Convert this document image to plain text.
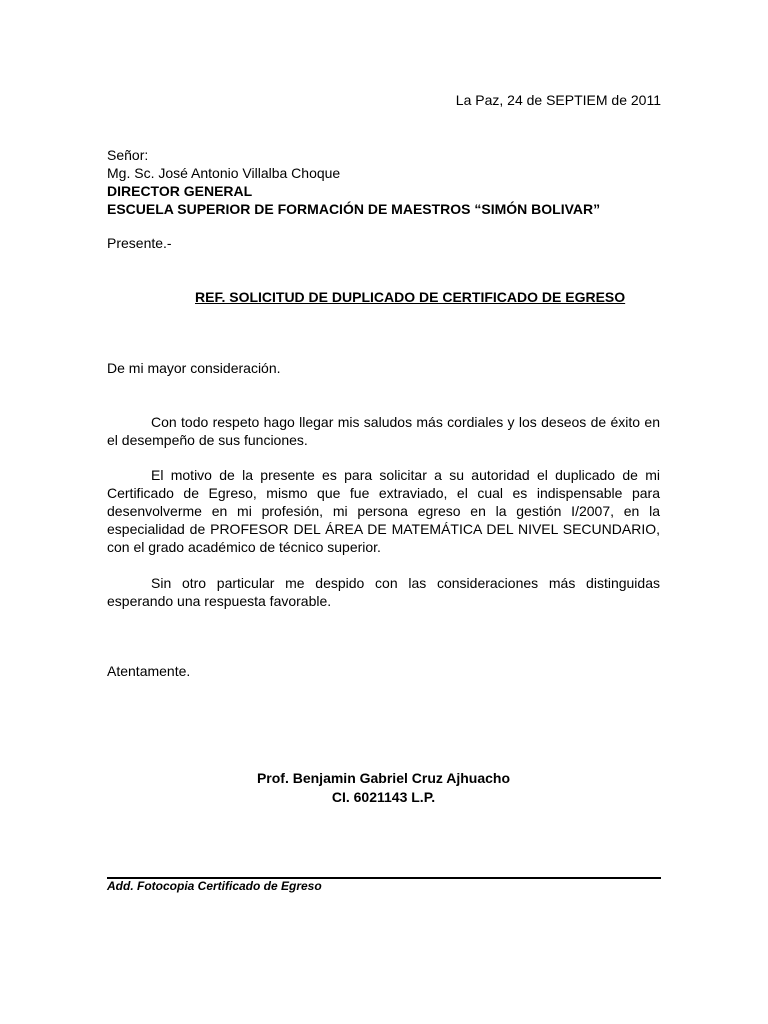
La Paz, 24 de SEPTIEM de 2011
Señor:
Mg. Sc. José Antonio Villalba Choque
DIRECTOR GENERAL
ESCUELA SUPERIOR DE FORMACIÓN DE MAESTROS “SIMÓN BOLIVAR”
Presente.-
REF. SOLICITUD DE DUPLICADO DE CERTIFICADO DE EGRESO
De mi mayor consideración.
Con todo respeto hago llegar mis saludos más cordiales y los deseos de éxito en el desempeño de sus funciones.
El motivo de la presente es para solicitar a su autoridad el duplicado de mi Certificado de Egreso, mismo que fue extraviado, el cual es indispensable para desenvolverme en mi profesión, mi persona egreso en la gestión I/2007, en la especialidad de PROFESOR DEL ÁREA DE MATEMÁTICA DEL NIVEL SECUNDARIO, con el grado académico de técnico superior.
Sin otro particular me despido con las consideraciones más distinguidas esperando una respuesta favorable.
Atentamente.
Prof. Benjamin Gabriel Cruz Ajhuacho
CI. 6021143 L.P.
Add. Fotocopia Certificado de Egreso
